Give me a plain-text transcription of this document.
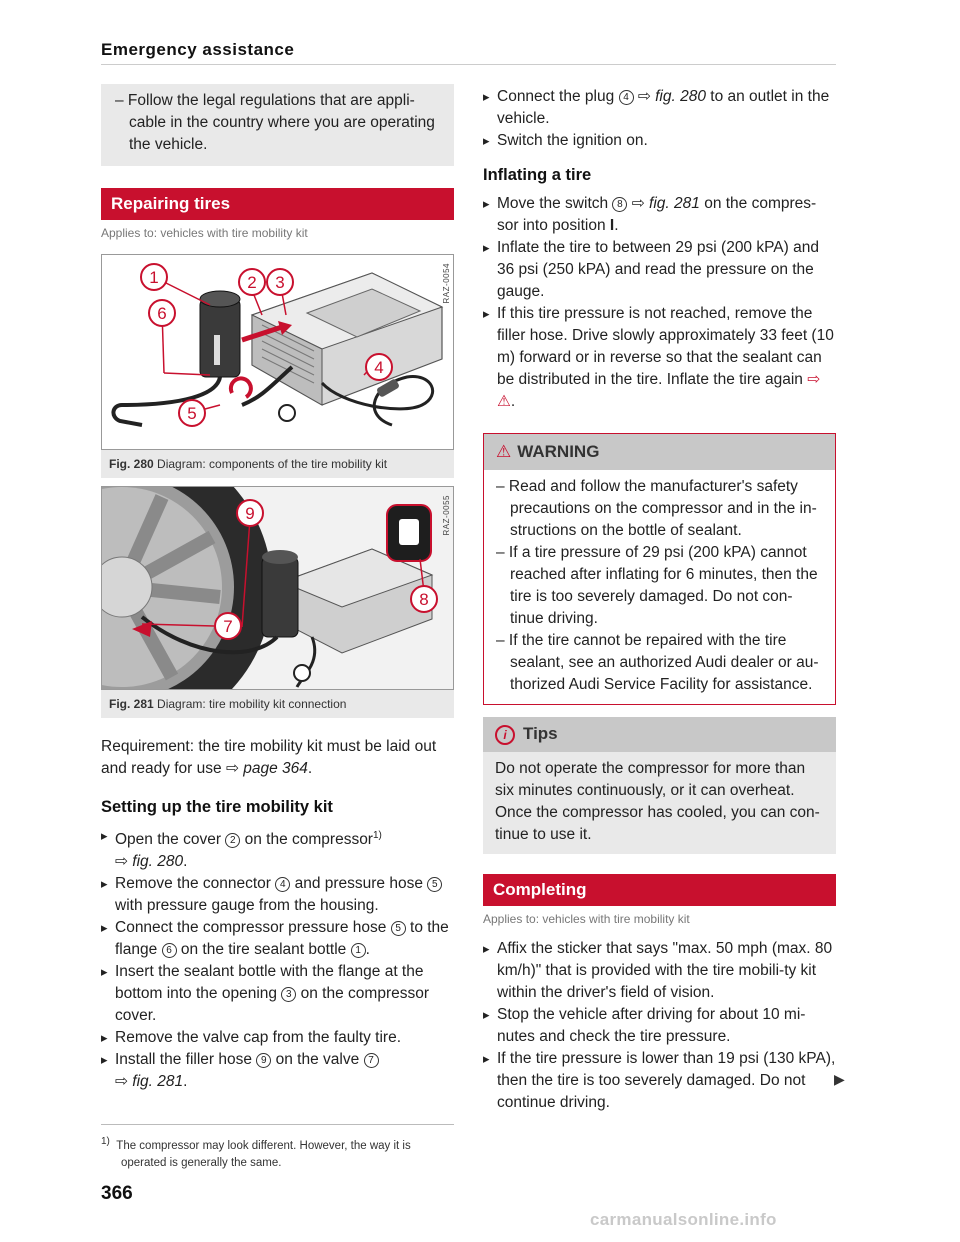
Emergency assistance
– Follow the legal regulations that are appli-cable in the country where you are operating the vehicle.
Repairing tires
Applies to: vehicles with tire mobility kit
1	2 3
4
5
6
RAZ-0054
Fig. 280 Diagram: components of the tire mobility kit
9
8
7
RAZ-0055
Fig. 281 Diagram: tire mobility kit connection

Requirement: the tire mobility kit must be laid out and ready for use ⇨ page 364.

Setting up the tire mobility kit
▸ Open the cover 2 on the compressor$^{1)}$
⇨ fig. 280.
▸ Remove the connector 4 and pressure hose 5 with pressure gauge from the housing.
▸ Connect the compressor pressure hose 5 to the flange 6 on the tire sealant bottle 1 .
▸ Insert the sealant bottle with the flange at the bottom into the opening 3 on the compressor cover.
▸ Remove the valve cap from the faulty tire.
▸ Install the filler hose 9 on the valve 7
⇨ fig. 281.
$^{1)}$ The compressor may look different. However, the way it is operated is generally the same.
366
▸ Connect the plug 4 ⇨ fig. 280 to an outlet in the vehicle.
▸ Switch the ignition on.
Inflating a tire
▸ Move the switch 8 ⇨ fig. 281 on the compres-sor into position I.
▸ Inflate the tire to between 29 psi (200 kPA) and 36 psi (250 kPA) and read the pressure on the gauge.
▸ If this tire pressure is not reached, remove the filler hose. Drive slowly approximately 33 feet (10 m) forward or in reverse so that the sealant can be distributed in the tire. Inflate the tire again ⇨ ⚠.
⚠ WARNING
– Read and follow the manufacturer's safety precautions on the compressor and in the in-structions on the bottle of sealant.
– If a tire pressure of 29 psi (200 kPA) cannot reached after inflating for 6 minutes, then the tire is too severely damaged. Do not con-tinue driving.
– If the tire cannot be repaired with the tire sealant, see an authorized Audi dealer or au-thorized Audi Service Facility for assistance.
i Tips
Do not operate the compressor for more than six minutes continuously, or it can overheat. Once the compressor has cooled, you can con-tinue to use it.
Completing
Applies to: vehicles with tire mobility kit
▸ Affix the sticker that says "max. 50 mph (max. 80 km/h)" that is provided with the tire mobili-ty kit within the driver's field of vision.
▸ Stop the vehicle after driving for about 10 mi-nutes and check the tire pressure.
▸ If the tire pressure is lower than 19 psi (130 kPA), then the tire is too severely damaged. Do not continue driving.
▶
carmanualsonline.info
